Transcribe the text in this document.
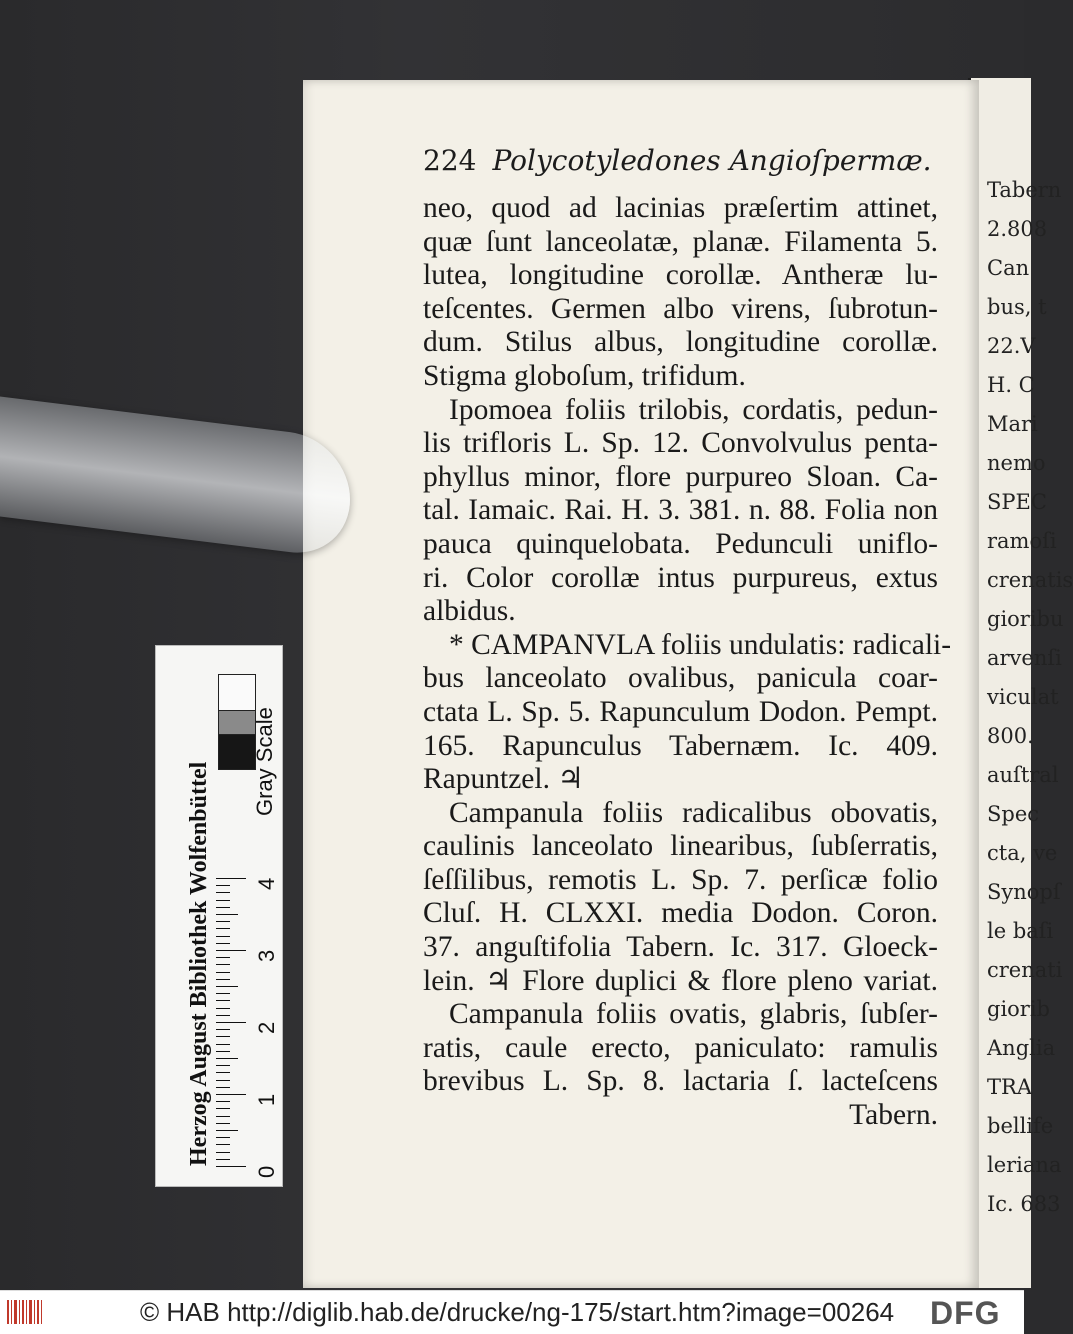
Tabern
2.808
Can
bus, t
22.V
H. C
Mari
nemo
SPEC
ramoſi
crenatis
gioribu
arvenſi
viculat
800.
auſtral
Spec
cta, ve
Synopſ
le baſi
crenati
giorib
Anglia
TRA
bellife
leriana
Ic. 683
224 Polycotyledones Angioſpermæ.
neo, quod ad lacinias præſertim attinet,
quæ ſunt lanceolatæ, planæ. Filamenta 5.
lutea, longitudine corollæ. Antheræ lu-
teſcentes. Germen albo virens, ſubrotun-
dum. Stilus albus, longitudine corollæ.
Stigma globoſum, trifidum.
Ipomoea foliis trilobis, cordatis, pedun-
lis trifloris L. Sp. 12. Convolvulus penta-
phyllus minor, flore purpureo Sloan. Ca-
tal. Iamaic. Rai. H. 3. 381. n. 88. Folia non
pauca quinquelobata. Pedunculi uniflo-
ri. Color corollæ intus purpureus, extus
albidus.
* CAMPANVLA foliis undulatis: radicali-
bus lanceolato ovalibus, panicula coar-
ctata L. Sp. 5. Rapunculum Dodon. Pempt.
165. Rapunculus Tabernæm. Ic. 409.
Rapuntzel. ♃
Campanula foliis radicalibus obovatis,
caulinis lanceolato linearibus, ſubſerratis,
ſeſſilibus, remotis L. Sp. 7. perſicæ folio
Cluſ. H. CLXXI. media Dodon. Coron.
37. anguſtifolia Tabern. Ic. 317. Gloeck-
lein. ♃ Flore duplici & flore pleno variat.
Campanula foliis ovatis, glabris, ſubſer-
ratis, caule erecto, paniculato: ramulis
brevibus L. Sp. 8. lactaria ſ. lacteſcens
Tabern.
Herzog August Bibliothek Wolfenbüttel
Gray Scale
0
1
2
3
4
© HAB http://diglib.hab.de/drucke/ng-175/start.htm?image=00264 DFG
